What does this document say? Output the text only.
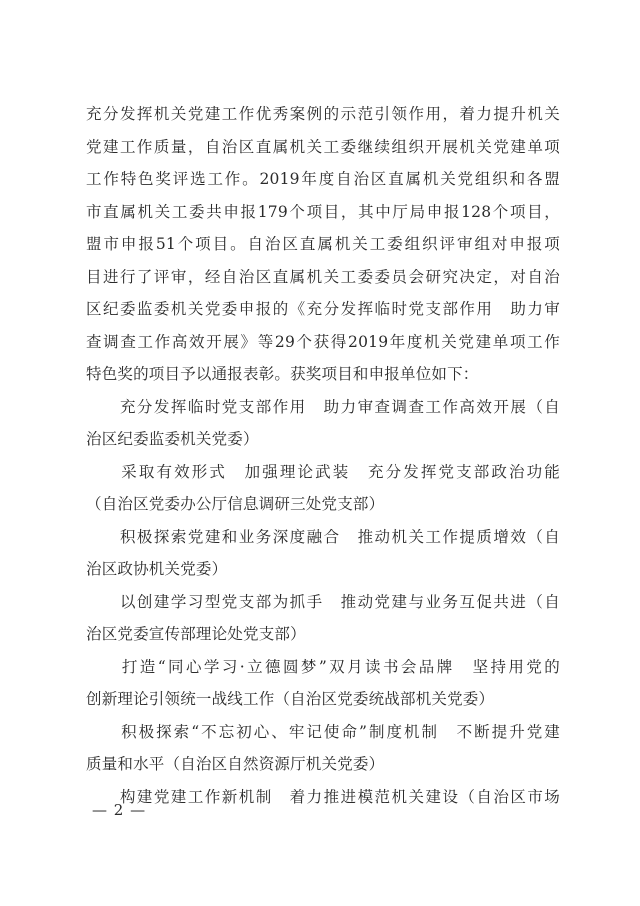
充分发挥机关党建工作优秀案例的示范引领作用，着力提升机关
党建工作质量，自治区直属机关工委继续组织开展机关党建单项
工作特色奖评选工作。2019年度自治区直属机关党组织和各盟
市直属机关工委共申报179个项目，其中厅局申报128个项目，
盟市申报51个项目。自治区直属机关工委组织评审组对申报项
目进行了评审，经自治区直属机关工委委员会研究决定，对自治
区纪委监委机关党委申报的《充分发挥临时党支部作用　助力审
查调查工作高效开展》等29个获得2019年度机关党建单项工作
特色奖的项目予以通报表彰。获奖项目和申报单位如下：
　　充分发挥临时党支部作用　助力审查调查工作高效开展（自
治区纪委监委机关党委）
　　采取有效形式　加强理论武装　充分发挥党支部政治功能
（自治区党委办公厅信息调研三处党支部）
　　积极探索党建和业务深度融合　推动机关工作提质增效（自
治区政协机关党委）
　　以创建学习型党支部为抓手　推动党建与业务互促共进（自
治区党委宣传部理论处党支部）
　　打造“同心学习·立德圆梦”双月读书会品牌　坚持用党的
创新理论引领统一战线工作（自治区党委统战部机关党委）
　　积极探索“不忘初心、牢记使命”制度机制　不断提升党建
质量和水平（自治区自然资源厅机关党委）
　　构建党建工作新机制　着力推进模范机关建设（自治区市场
— 2 —
